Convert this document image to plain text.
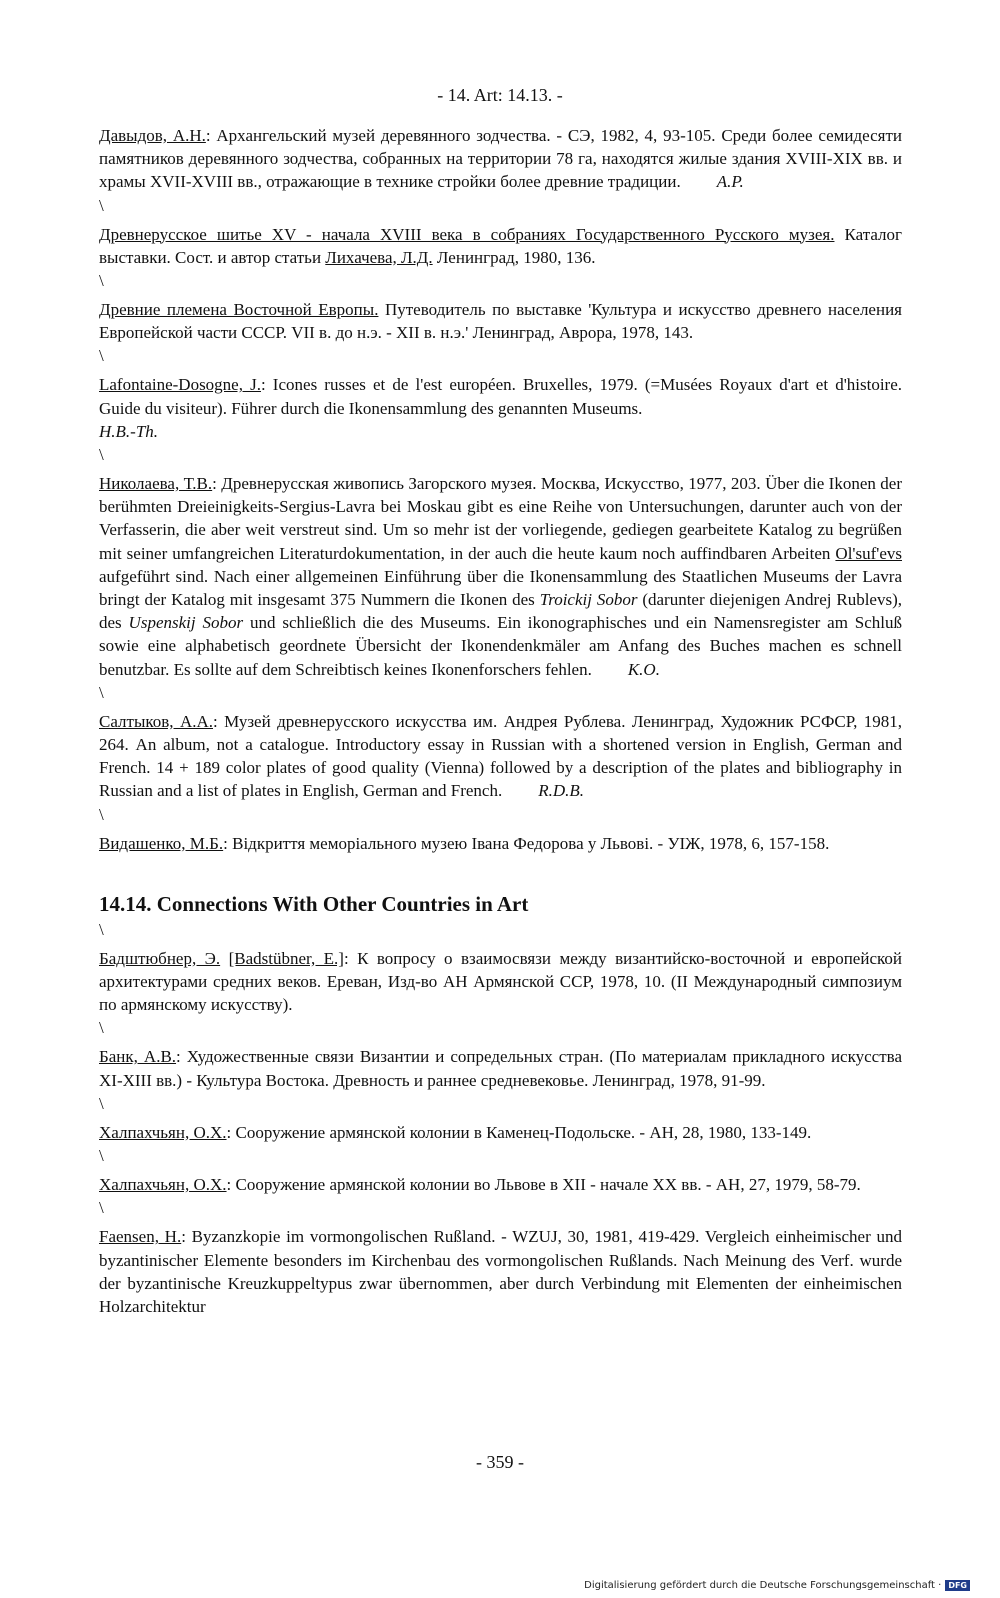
- 14. Art: 14.13. -

Давыдов, А.Н.: Архангельский музей деревянного зодчества. - СЭ, 1982, 4, 93-105. Среди более семидесяти памятников деревянного зодчества, собранных на территории 78 га, находятся жилые здания XVIII-XIX вв. и храмы XVII-XVIII вв., отражающие в технике стройки более древние традиции. A.P.

\

Древнерусское шитье XV - начала XVIII века в собраниях Государственного Русского музея. Каталог выставки. Сост. и автор статьи Лихачева, Л.Д. Ленинград, 1980, 136.

\

Древние племена Восточной Европы. Путеводитель по выставке 'Культура и искусство древнего населения Европейской части СССР. VII в. до н.э. - XII в. н.э.' Ленинград, Аврора, 1978, 143.

\

Lafontaine-Dosogne, J.: Icones russes et de l'est européen. Bruxelles, 1979. (=Musées Royaux d'art et d'histoire. Guide du visiteur). Führer durch die Ikonensammlung des genannten Museums.
H.B.-Th.

\

Николаева, Т.В.: Древнерусская живопись Загорского музея. Москва, Искусство, 1977, 203. Über die Ikonen der berühmten Dreieinigkeits-Sergius-Lavra bei Moskau gibt es eine Reihe von Untersuchungen, darunter auch von der Verfasserin, die aber weit verstreut sind. Um so mehr ist der vorliegende, gediegen gearbeitete Katalog zu begrüßen mit seiner umfangreichen Literaturdokumentation, in der auch die heute kaum noch auffindbaren Arbeiten Ol'suf'evs aufgeführt sind. Nach einer allgemeinen Einführung über die Ikonensammlung des Staatlichen Museums der Lavra bringt der Katalog mit insgesamt 375 Nummern die Ikonen des Troickij Sobor (darunter diejenigen Andrej Rublevs), des Uspenskij Sobor und schließlich die des Museums. Ein ikonographisches und ein Namensregister am Schluß sowie eine alphabetisch geordnete Übersicht der Ikonendenkmäler am Anfang des Buches machen es schnell benutzbar. Es sollte auf dem Schreibtisch keines Ikonenforschers fehlen. K.O.

\

Салтыков, А.А.: Музей древнерусского искусства им. Андрея Рублева. Ленинград, Художник РСФСР, 1981, 264. An album, not a catalogue. Introductory essay in Russian with a shortened version in English, German and French. 14 + 189 color plates of good quality (Vienna) followed by a description of the plates and bibliography in Russian and a list of plates in English, German and French. R.D.B.

\

Видашенко, М.Б.: Відкриття меморіального музею Івана Федорова у Львові. - УІЖ, 1978, 6, 157-158.

14.14. Connections With Other Countries in Art
\

Бадштюбнер, Э. [Badstübner, E.]: К вопросу о взаимосвязи между византийско-восточной и европейской архитектурами средних веков. Ереван, Изд-во АН Армянской ССР, 1978, 10. (II Международный симпозиум по армянскому искусству).

\

Банк, А.В.: Художественные связи Византии и сопредельных стран. (По материалам прикладного искусства XI-XIII вв.) - Культура Востока. Древность и раннее средневековье. Ленинград, 1978, 91-99.

\

Халпахчьян, О.Х.: Сооружение армянской колонии в Каменец-Подольске. - АН, 28, 1980, 133-149.

\

Халпахчьян, О.Х.: Сооружение армянской колонии во Львове в XII - начале XX вв. - АН, 27, 1979, 58-79.

\

Faensen, H.: Byzanzkopie im vormongolischen Rußland. - WZUJ, 30, 1981, 419-429. Vergleich einheimischer und byzantinischer Elemente besonders im Kirchenbau des vormongolischen Rußlands. Nach Meinung des Verf. wurde der byzantinische Kreuzkuppeltypus zwar übernommen, aber durch Verbindung mit Elementen der einheimischen Holzarchitektur

- 359 -
Digitalisierung gefördert durch die Deutsche Forschungsgemeinschaft · DFG
